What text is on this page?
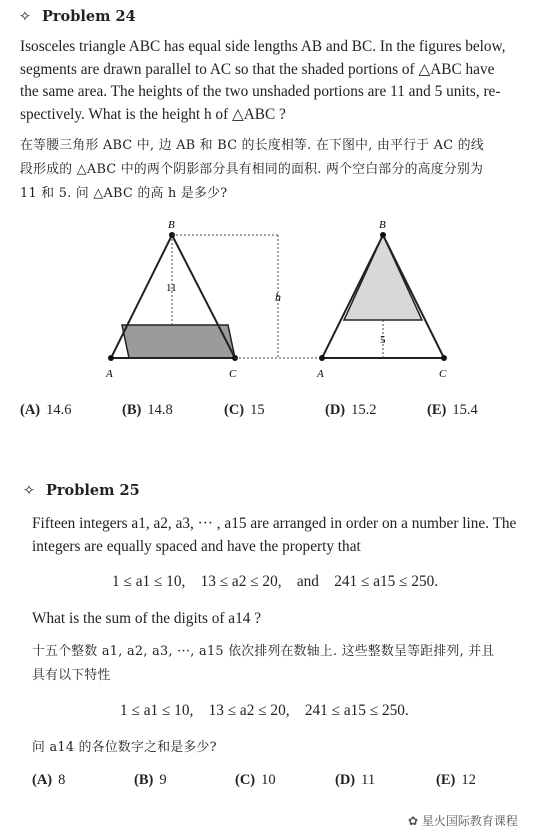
✧ Problem 24
Isosceles triangle ABC has equal side lengths AB and BC. In the figures below,
segments are drawn parallel to AC so that the shaded portions of △ABC have
the same area. The heights of the two unshaded portions are 11 and 5 units, re-
spectively. What is the height h of △ABC ?
在等腰三角形 ABC 中, 边 AB 和 BC 的长度相等. 在下图中, 由平行于 AC 的线
段形成的 △ABC 中的两个阴影部分具有相同的面积. 两个空白部分的高度分别为
11 和 5. 问 △ABC 的高 h 是多少?
B
A	C
11
h
B
A	C
5
(A) 14.6	(B) 14.8	(C) 15	(D) 15.2	(E) 15.4
✧ Problem 25
Fifteen integers a1, a2, a3, ··· , a15 are arranged in order on a number line. The
integers are equally spaced and have the property that
1 ≤ a1 ≤ 10,    13 ≤ a2 ≤ 20,    and    241 ≤ a15 ≤ 250.
What is the sum of the digits of a14 ?
十五个整数 a1, a2, a3, ···, a15 依次排列在数轴上. 这些整数呈等距排列, 并且
具有以下特性
1 ≤ a1 ≤ 10,    13 ≤ a2 ≤ 20,    241 ≤ a15 ≤ 250.
问 a14 的各位数字之和是多少?
(A) 8	(B) 9	(C) 10	(D) 11	(E) 12
✿ 星火国际教育课程
